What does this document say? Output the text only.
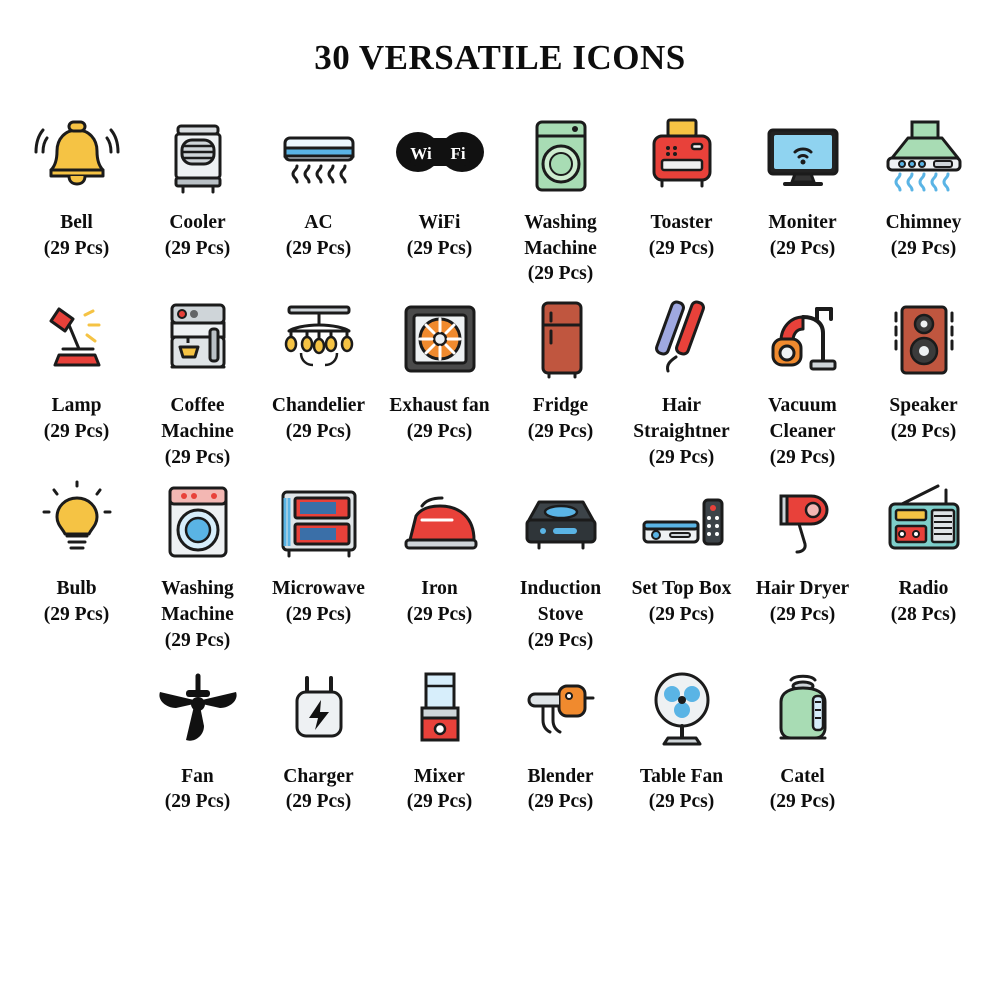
30 VERSATILE ICONS
Bell
(29 Pcs)
Cooler
(29 Pcs)
AC
(29 Pcs)
Wi Fi
WiFi
(29 Pcs)
Washing Machine
(29 Pcs)
Toaster
(29 Pcs)
Moniter
(29 Pcs)
Chimney
(29 Pcs)
Lamp
(29 Pcs)
Coffee Machine
(29 Pcs)
Chandelier
(29 Pcs)
Exhaust fan
(29 Pcs)
Fridge
(29 Pcs)
Hair Straightner
(29 Pcs)
Vacuum Cleaner
(29 Pcs)
Speaker
(29 Pcs)
Bulb
(29 Pcs)
Washing Machine
(29 Pcs)
Microwave
(29 Pcs)
Iron
(29 Pcs)
Induction Stove
(29 Pcs)
Set Top Box
(29 Pcs)
Hair Dryer
(29 Pcs)
Radio
(28 Pcs)
Fan
(29 Pcs)
Charger
(29 Pcs)
Mixer
(29 Pcs)
Blender
(29 Pcs)
Table Fan
(29 Pcs)
Catel
(29 Pcs)
